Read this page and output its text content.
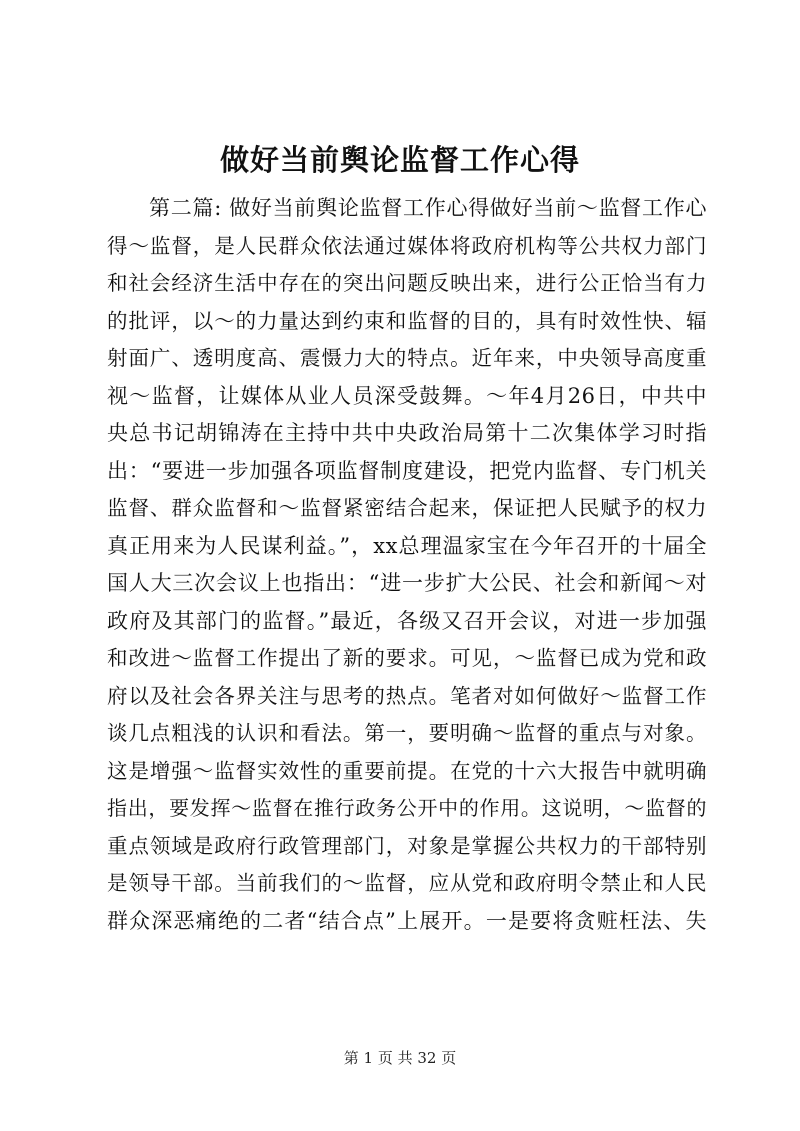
做好当前舆论监督工作心得
第二篇: 做好当前舆论监督工作心得做好当前～监督工作心
得～监督，是人民群众依法通过媒体将政府机构等公共权力部门
和社会经济生活中存在的突出问题反映出来，进行公正恰当有力
的批评，以～的力量达到约束和监督的目的，具有时效性快、辐
射面广、透明度高、震慑力大的特点。近年来，中央领导高度重
视～监督，让媒体从业人员深受鼓舞。～年4月26日，中共中
央总书记胡锦涛在主持中共中央政治局第十二次集体学习时指
出：“要进一步加强各项监督制度建设，把党内监督、专门机关
监督、群众监督和～监督紧密结合起来，保证把人民赋予的权力
真正用来为人民谋利益。”，xx总理温家宝在今年召开的十届全
国人大三次会议上也指出：“进一步扩大公民、社会和新闻～对
政府及其部门的监督。”最近，各级又召开会议，对进一步加强
和改进～监督工作提出了新的要求。可见，～监督已成为党和政
府以及社会各界关注与思考的热点。笔者对如何做好～监督工作
谈几点粗浅的认识和看法。第一，要明确～监督的重点与对象。
这是增强～监督实效性的重要前提。在党的十六大报告中就明确
指出，要发挥～监督在推行政务公开中的作用。这说明，～监督的
重点领域是政府行政管理部门，对象是掌握公共权力的干部特别
是领导干部。当前我们的～监督，应从党和政府明令禁止和人民
群众深恶痛绝的二者“结合点”上展开。一是要将贪赃枉法、失
第 1 页 共 32 页
